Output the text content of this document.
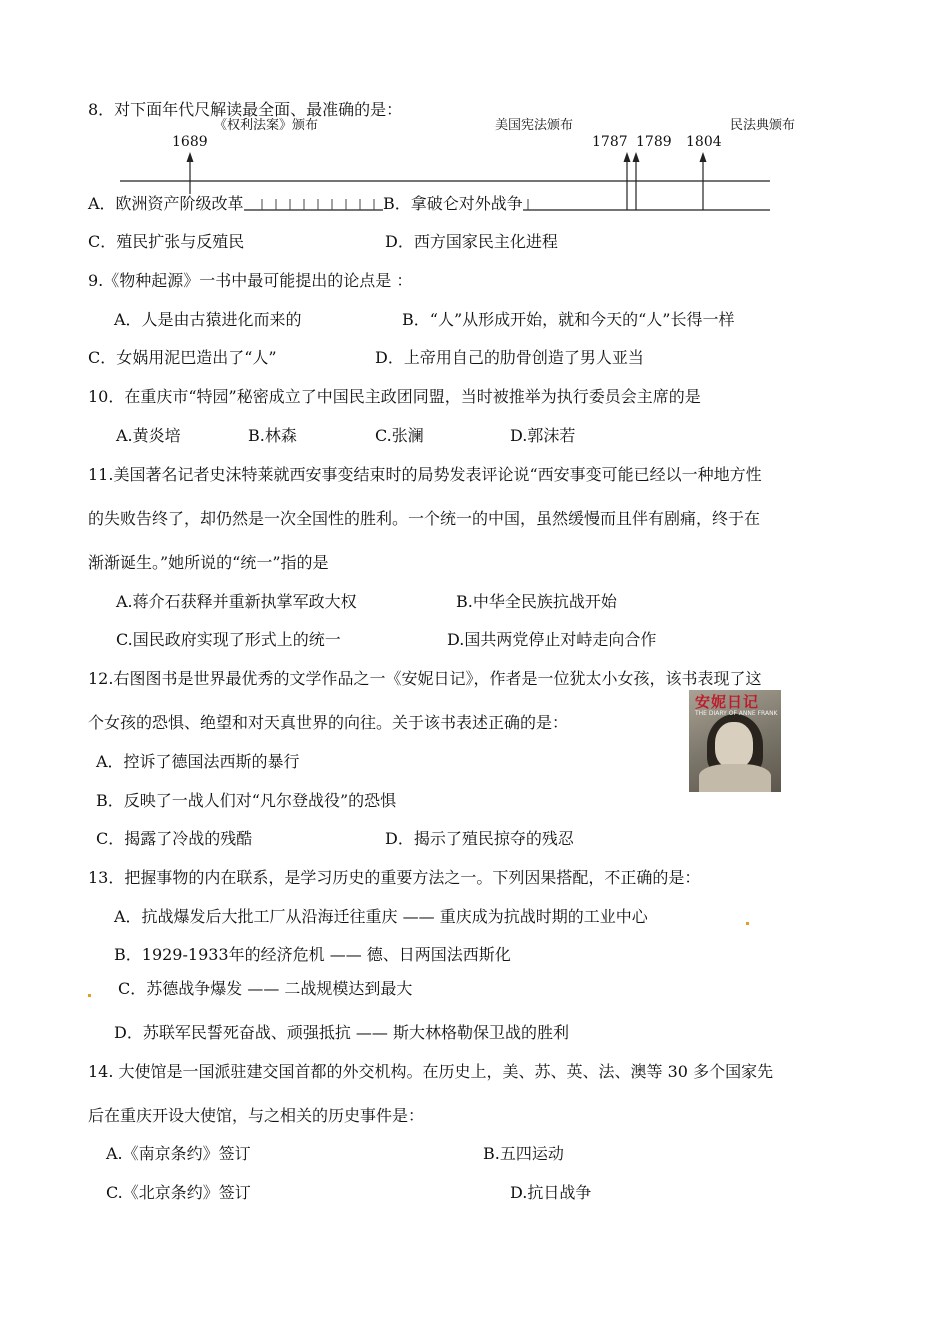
8．对下面年代尺解读最全面、最准确的是：
《权利法案》颁布	美国宪法颁布	民法典颁布
1689	1787 1789 1804
A．欧洲资产阶级改革	B．拿破仑对外战争
C．殖民扩张与反殖民	D．西方国家民主化进程
9.《物种起源》一书中最可能提出的论点是 ：
A．人是由古猿进化而来的	B．“人”从形成开始，就和今天的“人”长得一样
C．女娲用泥巴造出了“人”	D．上帝用自己的肋骨创造了男人亚当
10．在重庆市“特园”秘密成立了中国民主政团同盟，当时被推举为执行委员会主席的是
A.黄炎培	B.林森	C.张澜	D.郭沫若
11.美国著名记者史沫特莱就西安事变结束时的局势发表评论说“西安事变可能已经以一种地方性
的失败告终了，却仍然是一次全国性的胜利。一个统一的中国，虽然缓慢而且伴有剧痛，终于在
渐渐诞生。”她所说的“统一”指的是
A.蒋介石获释并重新执掌军政大权	B.中华全民族抗战开始
C.国民政府实现了形式上的统一	D.国共两党停止对峙走向合作
12.右图图书是世界最优秀的文学作品之一《安妮日记》，作者是一位犹太小女孩，该书表现了这
个女孩的恐惧、绝望和对天真世界的向往。关于该书表述正确的是：
安妮日记
THE DIARY OF ANNE FRANK
A．控诉了德国法西斯的暴行
B．反映了一战人们对“凡尔登战役”的恐惧
C．揭露了冷战的残酷	D．揭示了殖民掠夺的残忍
13．把握事物的内在联系，是学习历史的重要方法之一。下列因果搭配，不正确的是：
A．抗战爆发后大批工厂从沿海迁往重庆 —— 重庆成为抗战时期的工业中心
B．1929-1933年的经济危机 —— 德、日两国法西斯化
C．苏德战争爆发 —— 二战规模达到最大
D．苏联军民誓死奋战、顽强抵抗 —— 斯大林格勒保卫战的胜利
14. 大使馆是一国派驻建交国首都的外交机构。在历史上，美、苏、英、法、澳等 30 多个国家先
后在重庆开设大使馆，与之相关的历史事件是：
A.《南京条约》签订	B.五四运动
C.《北京条约》签订	D.抗日战争
